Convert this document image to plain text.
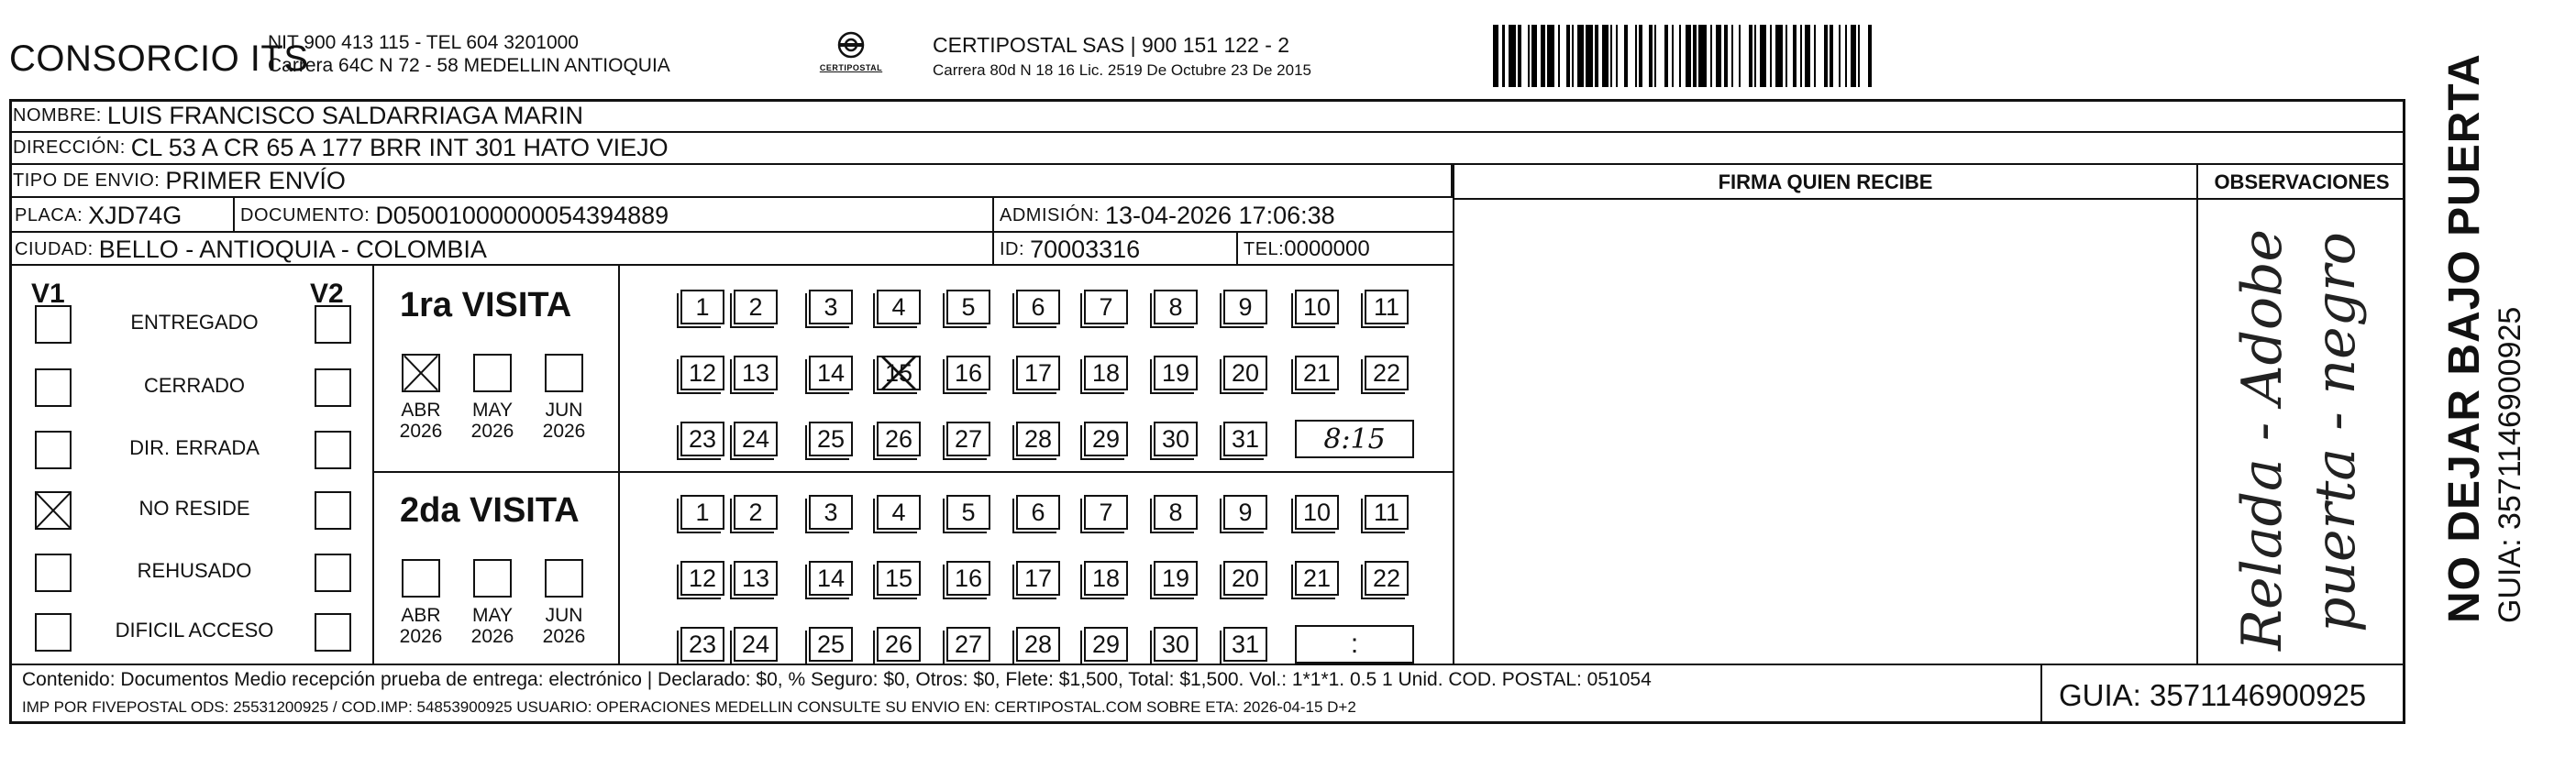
CONSORCIO ITS
NIT 900 413 115 - TEL 604 3201000
Carrera 64C N 72 - 58 MEDELLIN ANTIOQUIA	CERTIPOSTAL
CERTIPOSTAL SAS | 900 151 122 - 2
Carrera 80d N 18 16 Lic. 2519 De Octubre 23 De 2015
NOMBRE: LUIS FRANCISCO SALDARRIAGA MARIN
DIRECCIÓN: CL 53 A CR 65 A 177 BRR INT 301 HATO VIEJO
TIPO DE ENVIO: PRIMER ENVÍO
PLACA: XJD74G	DOCUMENTO: D05001000000054394889	ADMISIÓN: 13-04-2026 17:06:38
CIUDAD: BELLO - ANTIOQUIA - COLOMBIA	ID: 70003316	TEL: 0000000
FIRMA QUIEN RECIBE	OBSERVACIONES
V1	V2
ENTREGADO
CERRADO
DIR. ERRADA
NO RESIDE
REHUSADO
DIFICIL ACCESO
1ra VISITA
ABR
2026
MAY
2026
JUN
2026
1	2	3	4	5	6	7	8	9	10	11
12	13	14	15	16	17	18	19	20	21	22
23	24	25	26	27	28	29	30	31	8:15
2da VISITA
ABR
2026
MAY
2026
JUN
2026
1	2	3	4	5	6	7	8	9	10	11
12	13	14	15	16	17	18	19	20	21	22
23	24	25	26	27	28	29	30	31	:	Relada - Adobe puerta - negro
Contenido: Documentos Medio recepción prueba de entrega: electrónico | Declarado: $0, % Seguro: $0, Otros: $0, Flete: $1,500, Total: $1,500. Vol.: 1*1*1. 0.5 1 Unid. COD. POSTAL: 051054
IMP POR FIVEPOSTAL ODS: 25531200925 / COD.IMP: 54853900925 USUARIO: OPERACIONES MEDELLIN CONSULTE SU ENVIO EN: CERTIPOSTAL.COM SOBRE ETA: 2026-04-15 D+2	GUIA: 3571146900925
NO DEJAR BAJO PUERTA GUIA: 3571146900925
